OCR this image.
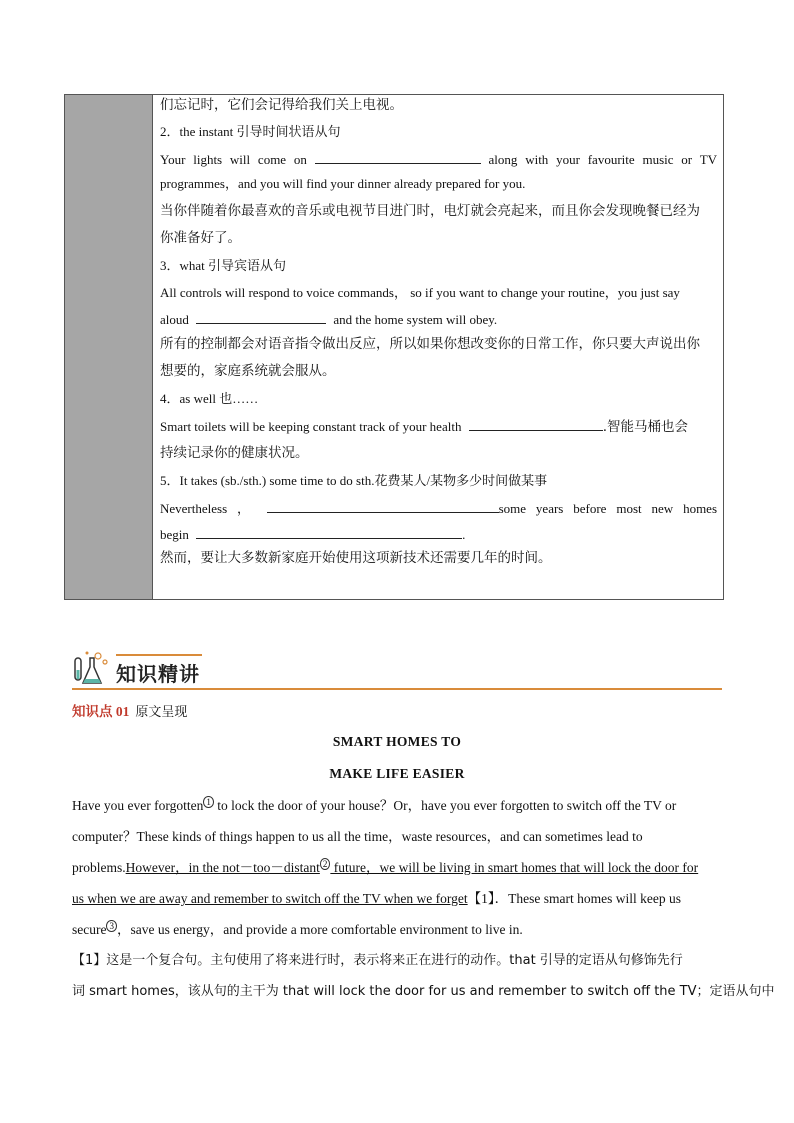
们忘记时，它们会记得给我们关上电视。
2．the instant 引导时间状语从句
Your lights will come on	along with your favourite music or TV
programmes，and you will find your dinner already prepared for you.
当你伴随着你最喜欢的音乐或电视节目进门时，电灯就会亮起来，而且你会发现晚餐已经为
你准备好了。
3．what 引导宾语从句
All controls will respond to voice commands， so if you want to change your routine，you just say
aloud	and the home system will obey.
所有的控制都会对语音指令做出反应，所以如果你想改变你的日常工作，你只要大声说出你
想要的，家庭系统就会服从。
4．as well 也……
Smart toilets will be keeping constant track of your health	.智能马桶也会
持续记录你的健康状况。
5．It takes (sb./sth.) some time to do sth.花费某人/某物多少时间做某事
Nevertheless ，	some years before most new homes
begin	.
然而，要让大多数新家庭开始使用这项新技术还需要几年的时间。
知识精讲
知识点 01 原文呈现
SMART HOMES TO
MAKE LIFE EASIER
Have you ever forgotten $^1$ to lock the door of your house？Or，have you ever forgotten to switch off the TV or
computer？These kinds of things happen to us all the time，waste resources，and can sometimes lead to
problems.However，in the not－too－distant $^2$ future，we will be living in smart homes that will lock the door for
us when we are away and remember to switch off the TV when we forget【1】．These smart homes will keep us
secure $^3$ ，save us energy，and provide a more comfortable environment to live in.
【1】这是一个复合句。主句使用了将来进行时，表示将来正在进行的动作。that 引导的定语从句修饰先行
词 smart homes，该从句的主干为 that will lock the door for us and remember to switch off the TV；定语从句中
